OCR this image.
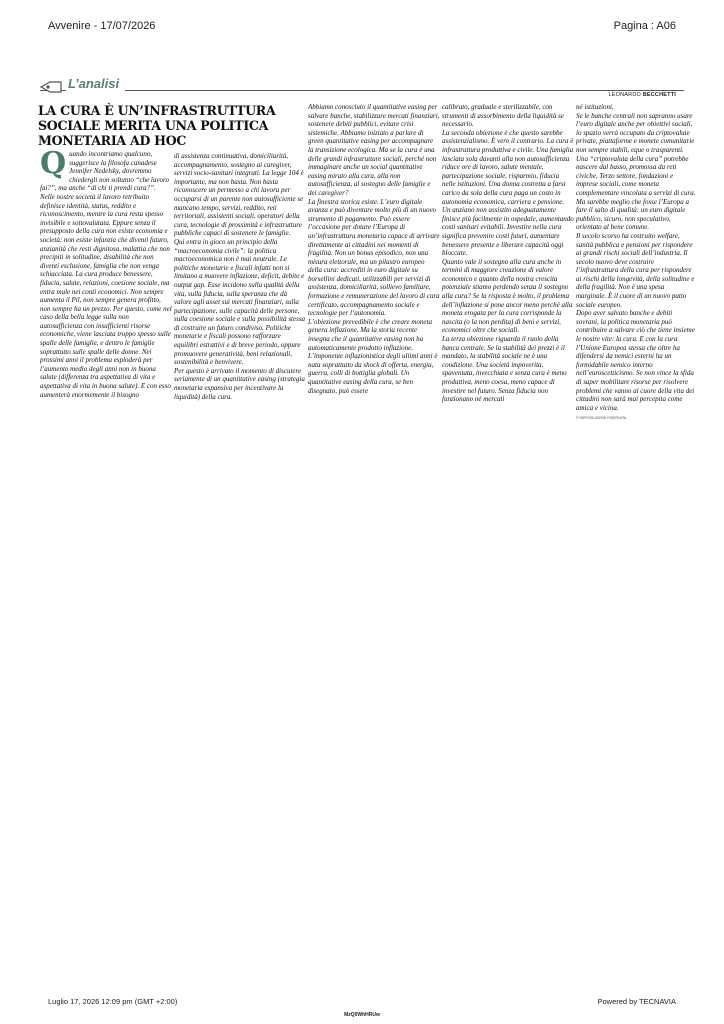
Avvenire - 17/07/2026	Pagina : A06
L’analisi
LEONARDO BECCHETTI
LA CURA È UN’INFRASTRUTTURA SOCIALE MERITA UNA POLITICA MONETARIA AD HOC

Quando incontriamo qualcuno, suggerisce la filosofa canadese Jennifer Nedelsky, dovremmo chiedergli non soltanto “che lavoro fai?”, ma anche “di chi ti prendi cura?”. Nelle nostre società il lavoro retribuito definisce identità, status, reddito e riconoscimento, mentre la cura resta spesso invisibile e sottovalutata. Eppure senza il presupposto della cura non esiste economia e società: non esiste infanzia che diventi futuro, anzianità che resti dignitosa, malattia che non precipiti in solitudine, disabilità che non diventi esclusione, famiglia che non venga schiacciata. La cura produce benessere, fiducia, salute, relazioni, coesione sociale, ma entra male nei conti economici. Non sempre aumenta il Pil, non sempre genera profitto, non sempre ha un prezzo. Per questo, come nel caso della bella legge sulla non autosufficienza con insufficienti risorse economiche, viene lasciata troppo spesso sulle spalle delle famiglie, e dentro le famiglie soprattutto sulle spalle delle donne. Nei prossimi anni il problema esploderà per l’aumento medio degli anni non in buona salute (differenza tra aspettativa di vita e aspettativa di vita in buona salute). E con esso aumenterà enormemente il bisogno

di assistenza continuativa, domiciliarità, accompagnamento, sostegno ai caregiver, servizi socio-sanitari integrati. La legge 104 è importante, ma non basta. Non basta riconoscere un permesso a chi lavora per occuparsi di un parente non autosufficiente se mancano tempo, servizi, reddito, reti territoriali, assistenti sociali, operatori della cura, tecnologie di prossimità e infrastrutture pubbliche capaci di sostenere le famiglie.

Qui entra in gioco un principio della “macroeconomia civile”: la politica macroeconomica non è mai neutrale. Le politiche monetarie e fiscali infatti non si limitano a muovere inflazione, deficit, debito e output gap. Esse incidono sulla qualità della vita, sulla fiducia, sulla speranza che dà valore agli asset sui mercati finanziari, sulla partecipazione, sulle capacità delle persone, sulla coesione sociale e sulla possibilità stessa di costruire un futuro condiviso. Politiche monetarie e fiscali possono rafforzare equilibri estrattivi e di breve periodo, oppure promuovere generatività, beni relazionali, sostenibilità e benvivere.

Per questo è arrivato il momento di discutere seriamente di un quantitative easing (strategia monetaria espansiva per incentivare la liquidità) della cura.

Abbiamo conosciuto il quantitative easing per salvare banche, stabilizzare mercati finanziari, sostenere debiti pubblici, evitare crisi sistemiche. Abbiamo iniziato a parlare di green quantitative easing per accompagnare la transizione ecologica. Ma se la cura è una delle grandi infrastrutture sociali, perché non immaginare anche un social quantitative easing mirato alla cura, alla non autosufficienza, al sostegno delle famiglie e dei caregiver?

La finestra storica esiste. L’euro digitale avanza e può diventare molto più di un nuovo strumento di pagamento. Può essere l’occasione per dotare l’Europa di un’infrastruttura monetaria capace di arrivare direttamente ai cittadini nei momenti di fragilità. Non un bonus episodico, non una misura elettorale, ma un pilastro europeo della cura: accrediti in euro digitale su borsellini dedicati, utilizzabili per servizi di assistenza, domiciliarità, sollievo familiare, formazione e remunerazione del lavoro di cura certificato, accompagnamento sociale e tecnologie per l’autonomia.

L’obiezione prevedibile è che creare moneta genera inflazione. Ma la storia recente insegna che il quantitative easing non ha automaticamente prodotto inflazione. L’imponente inflazionistica degli ultimi anni è nata soprattutto da shock di offerta, energia, guerra, colli di bottiglia globali. Un quantitative easing della cura, se ben disegnato, può essere

calibrato, graduale e sterilizzabile, con strumenti di assorbimento della liquidità se necessario.

La seconda obiezione è che questo sarebbe assistenzialismo. È vero il contrario. La cura è infrastruttura produttiva e civile. Una famiglia lasciata sola davanti alla non autosufficienza riduce ore di lavoro, salute mentale, partecipazione sociale, risparmio, fiducia nelle istituzioni. Una donna costretta a farsi carico da sola della cura paga un costo in autonomia economica, carriera e pensione. Un anziano non assistito adeguatamente finisce più facilmente in ospedale, aumentando costi sanitari evitabili. Investire nella cura significa prevenire costi futuri, aumentare benessere presente e liberare capacità oggi bloccate.

Quanto vale il sostegno alla cura anche in termini di maggiore creazione di valore economico e quanto della nostra crescita potenziale stiamo perdendo senza il sostegno alla cura? Se la risposta è molto, il problema dell’inflazione si pone ancor meno perché alla moneta erogata per la cura corrisponde la nascita (o la non perdita) di beni e servizi, economici oltre che sociali.

La terza obiezione riguarda il ruolo della banca centrale. Se la stabilità dei prezzi è il mandato, la stabilità sociale ne è una condizione. Una società impoverita, spaventata, invecchiata e senza cura è meno produttiva, meno coesa, meno capace di investire nel futuro. Senza fiducia non funzionano né mercati

né istituzioni.

Se le banche centrali non sapranno usare l’euro digitale anche per obiettivi sociali, lo spazio verrà occupato da criptovalute private, piattaforme e monete comunitarie non sempre stabili, eque o trasparenti. Una “criptovaluta della cura” potrebbe nascere dal basso, promossa da reti civiche, Terzo settore, fondazioni e imprese sociali, come moneta complementare vincolata a servizi di cura. Ma sarebbe meglio che fosse l’Europa a fare il salto di qualità: un euro digitale pubblico, sicuro, non speculativo, orientato al bene comune.

Il secolo scorso ha costruito welfare, sanità pubblica e pensioni per rispondere ai grandi rischi sociali dell’industria. Il secolo nuovo deve costruire l’infrastruttura della cura per rispondere ai rischi della longevità, della solitudine e della fragilità. Non è una spesa marginale. È il cuore di un nuovo patto sociale europeo.

Dopo aver salvato banche e debiti sovrani, la politica monetaria può contribuire a salvare ciò che tiene insieme le nostre vite: la cura. E con la cura l’Unione Europea stessa che oltre ha difendersi da nemici esterni ha un formidabile nemico interno nell’euroscetticismo. Se non vince la sfida di saper mobilitare risorse per risolvere problemi che vanno al cuore della vita dei cittadini non sarà mai percepita come amica e vicina.

© RIPRODUZIONE RISERVATA
Luglio 17, 2026 12:09 pm (GMT +2:00)	Powered by TECNAVIA
MzQ0WhHRUw
